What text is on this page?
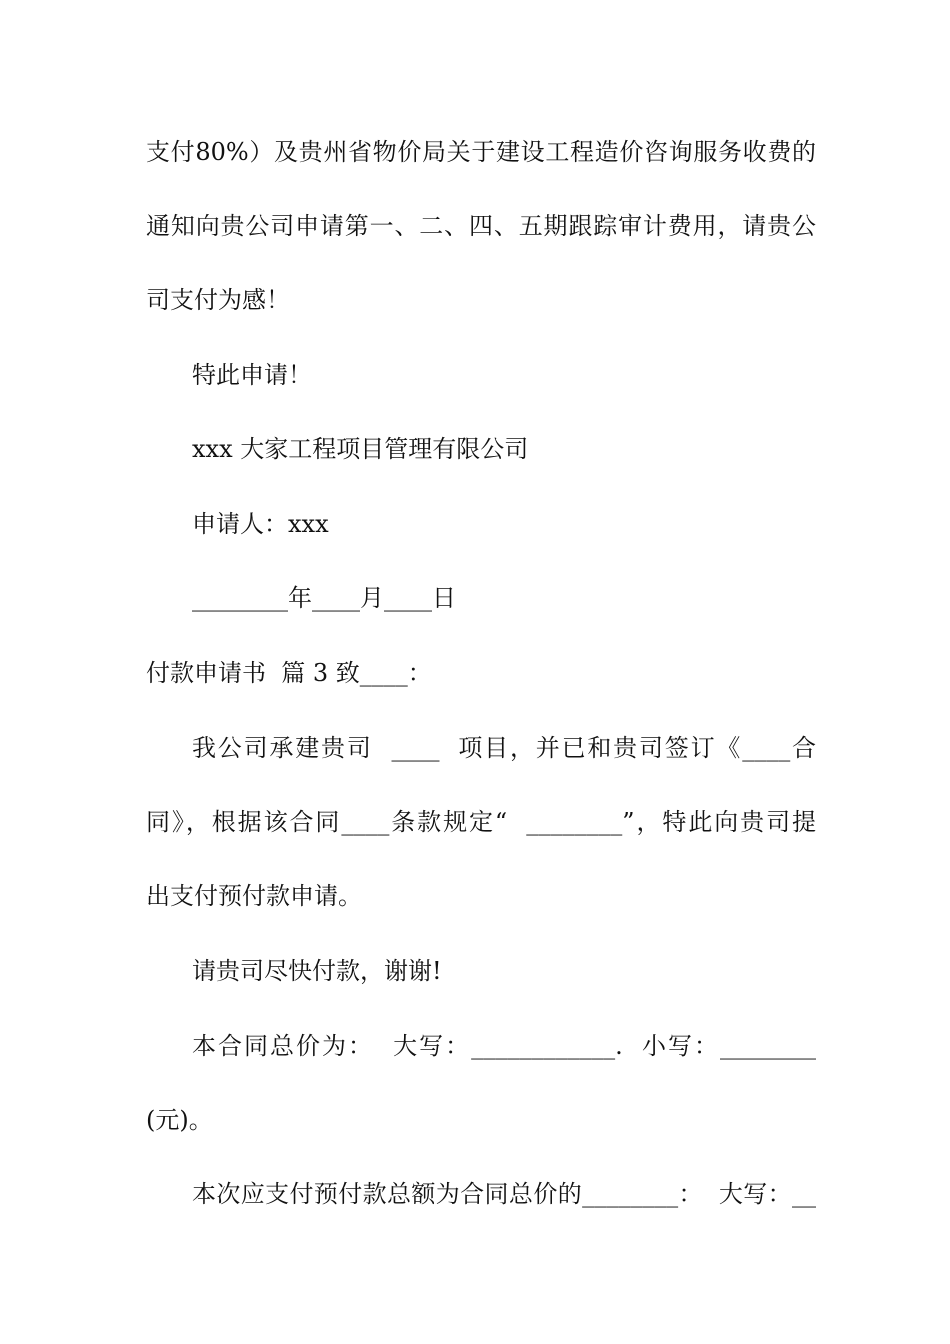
支付80%）及贵州省物价局关于建设工程造价咨询服务收费的
通知向贵公司申请第一、二、四、五期跟踪审计费用，请贵公
司支付为感！
特此申请！
xxx 大家工程项目管理有限公司
申请人：xxx
________年____月____日
付款申请书  篇 3 致____：
我公司承建贵司  ____  项目，并已和贵司签订《____合
同》，根据该合同____条款规定“  ________”，特此向贵司提
出支付预付款申请。
请贵司尽快付款，谢谢!
本合同总价为：  大写：____________.  小写：________
(元)。
本次应支付预付款总额为合同总价的________：  大写：__
